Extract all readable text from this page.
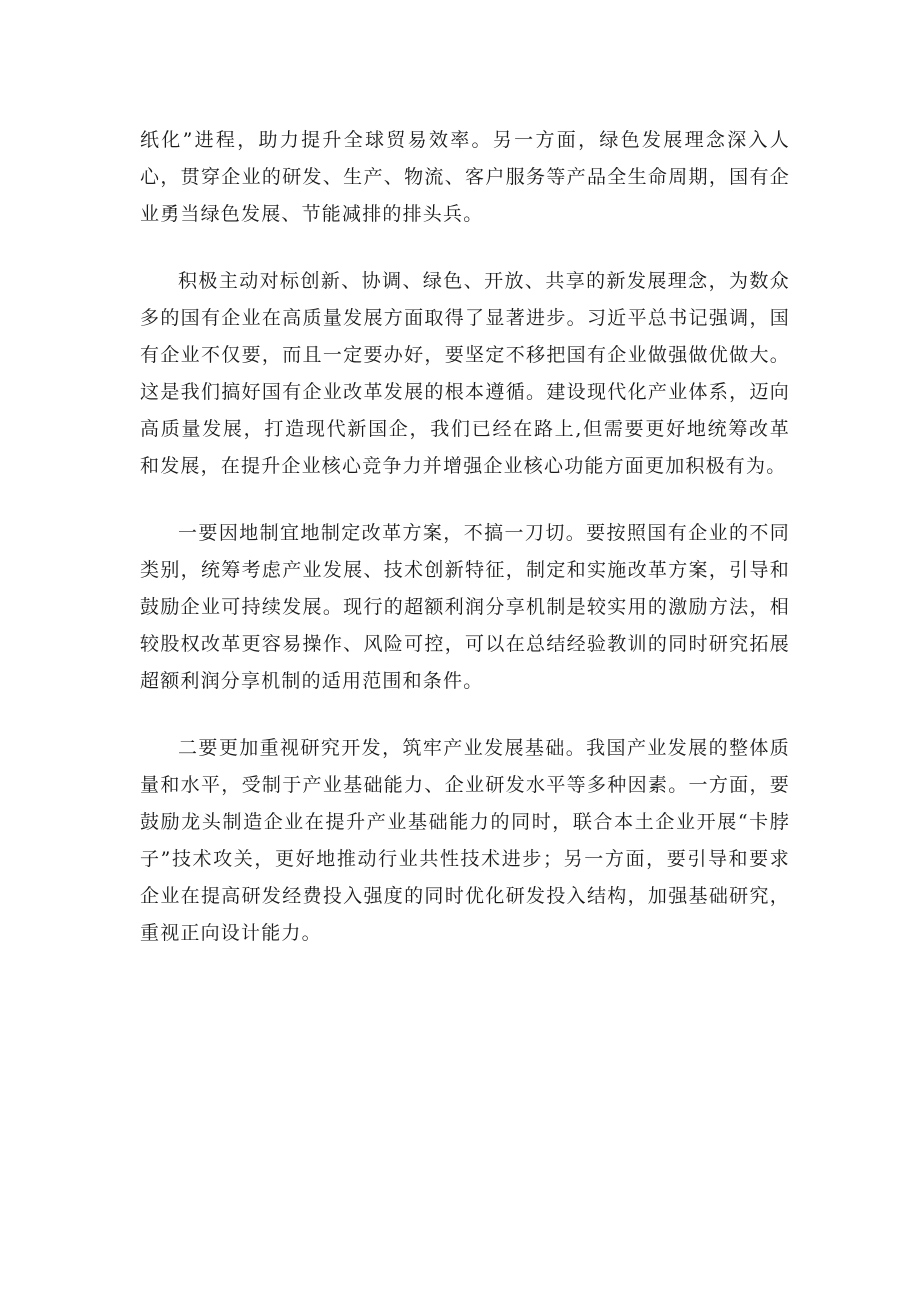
纸化”进程，助力提升全球贸易效率。另一方面，绿色发展理念深入人心，贯穿企业的研发、生产、物流、客户服务等产品全生命周期，国有企业勇当绿色发展、节能减排的排头兵。

积极主动对标创新、协调、绿色、开放、共享的新发展理念，为数众多的国有企业在高质量发展方面取得了显著进步。习近平总书记强调，国有企业不仅要，而且一定要办好，要坚定不移把国有企业做强做优做大。这是我们搞好国有企业改革发展的根本遵循。建设现代化产业体系，迈向高质量发展，打造现代新国企，我们已经在路上,但需要更好地统筹改革和发展，在提升企业核心竞争力并增强企业核心功能方面更加积极有为。

一要因地制宜地制定改革方案，不搞一刀切。要按照国有企业的不同类别，统筹考虑产业发展、技术创新特征，制定和实施改革方案，引导和鼓励企业可持续发展。现行的超额利润分享机制是较实用的激励方法，相较股权改革更容易操作、风险可控，可以在总结经验教训的同时研究拓展超额利润分享机制的适用范围和条件。

二要更加重视研究开发，筑牢产业发展基础。我国产业发展的整体质量和水平，受制于产业基础能力、企业研发水平等多种因素。一方面，要鼓励龙头制造企业在提升产业基础能力的同时，联合本土企业开展“卡脖子”技术攻关，更好地推动行业共性技术进步；另一方面，要引导和要求企业在提高研发经费投入强度的同时优化研发投入结构，加强基础研究，重视正向设计能力。
